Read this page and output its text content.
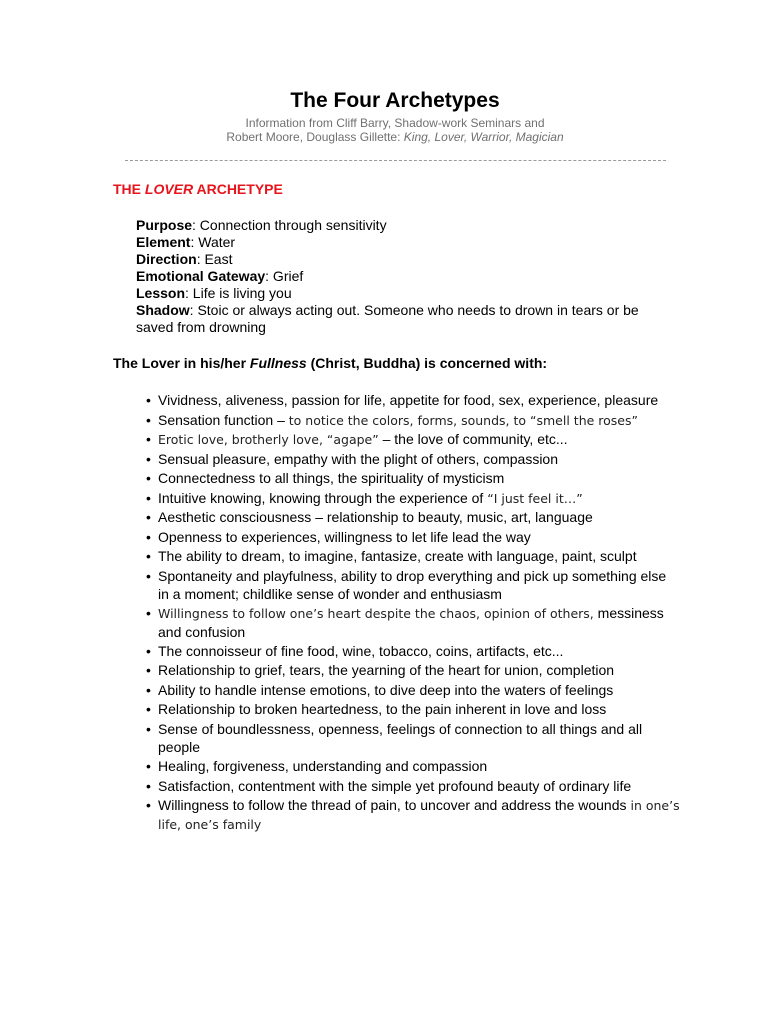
The Four Archetypes
Information from Cliff Barry, Shadow-work Seminars and
Robert Moore, Douglass Gillette: King, Lover, Warrior, Magician
THE LOVER ARCHETYPE
Purpose: Connection through sensitivity
Element: Water
Direction: East
Emotional Gateway: Grief
Lesson: Life is living you
Shadow: Stoic or always acting out. Someone who needs to drown in tears or be saved from drowning
The Lover in his/her Fullness (Christ, Buddha) is concerned with:
• Vividness, aliveness, passion for life, appetite for food, sex, experience, pleasure
• Sensation function – to notice the colors, forms, sounds, to “smell the roses”
• Erotic love, brotherly love, “agape” – the love of community, etc...
• Sensual pleasure, empathy with the plight of others, compassion
• Connectedness to all things, the spirituality of mysticism
• Intuitive knowing, knowing through the experience of “I just feel it…”
• Aesthetic consciousness – relationship to beauty, music, art, language
• Openness to experiences, willingness to let life lead the way
• The ability to dream, to imagine, fantasize, create with language, paint, sculpt
• Spontaneity and playfulness, ability to drop everything and pick up something else in a moment; childlike sense of wonder and enthusiasm
• Willingness to follow one’s heart despite the chaos, opinion of others, messiness and confusion
• The connoisseur of fine food, wine, tobacco, coins, artifacts, etc...
• Relationship to grief, tears, the yearning of the heart for union, completion
• Ability to handle intense emotions, to dive deep into the waters of feelings
• Relationship to broken heartedness, to the pain inherent in love and loss
• Sense of boundlessness, openness, feelings of connection to all things and all people
• Healing, forgiveness, understanding and compassion
• Satisfaction, contentment with the simple yet profound beauty of ordinary life
• Willingness to follow the thread of pain, to uncover and address the wounds in one’s life, one’s family
